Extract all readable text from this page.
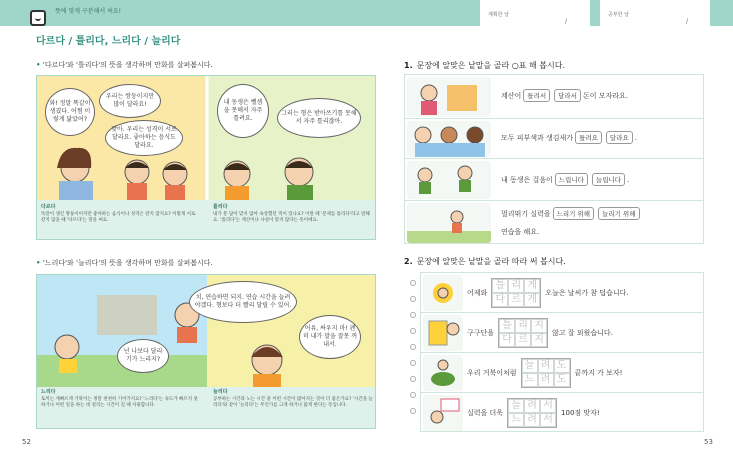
뜻에 맞게 구분해서 써요!	계획한 날
/
공부한 날
/
다르다 / 틀리다, 느리다 / 늘리다
• '다르다'와 '틀리다'의 뜻을 생각하며 만화를 살펴봅시다.
와! 정말 똑같이 생겼다. 어쩜 이렇게 닮았어?
우리는 쌍둥이지만 많이 달라요!
맞아. 우리는 성격이 서로 달라요. 좋아하는 음식도 달라요.
내 동생은 뺄셈을 못해서 자주 틀려요.
그러는 형은 받아쓰기를 못해서 자주 틀리잖아.
다르다
똑같이 생긴 쌍둥이이지만 좋아하는 음식이나 성격은 같지 않지요? 이렇게 서로 같지 않을 때 '다르다'는 말을 써요.
틀리다
내가 푼 답이 맞지 않아 속상했던 적이 있나요? 이럴 때 '문제를 틀리다'라고 말해요. '틀리다'는 계산이나 사실이 맞지 않다는 뜻이에요.
• '느리다'와 '늘리다'의 뜻을 생각하며 만화를 살펴봅시다.
치, 연습하면 되지. 연습 시간을 늘려야겠다. 형보다 더 빨리 달릴 수 있어.
넌 나보다 달리기가 느리지?
어유, 싸우지 마! 괜히 내가 말을 잘못 꺼내서.
느리다
토끼는 재빠르게 거북이는 정말 천천히 기어가지요? '느리다'는 속도가 빠르지 못하거나 어떤 일을 하는 데 걸리는 시간이 길 때 사용합니다.
늘리다
공부하는 시간과 노는 시간 중 어떤 시간이 많아지는 것이 더 좋은가요? '시간을 늘리다'와 같이 '늘리다'는 무언가를 크게 하거나 많게 한다는 뜻입니다.
52
1. 문장에 알맞은 낱말을 골라 ○표 해 봅시다.
계산이 틀려서	달라서 돈이 모자라요.
모두 피부색과 생김새가 틀려요	달라요 .
내 동생은 걸음이 느립니다	늘립니다 .
멀리뛰기 실력을 느리기 위해	늘리기 위해
연습을 해요.
2. 문장에 알맞은 낱말을 골라 따라 써 봅시다.
어제와
틀 리 게
다 르 게
오늘은 날씨가 참 덥습니다.
구구단을
틀 리 지
다 르 지
않고 잘 외웠습니다.
우리 거북이처럼
늘 려 도
느 려 도
끝까지 가 보자!
실력을 더욱
늘 려 서
느 려 서
100점 맞자!
53
